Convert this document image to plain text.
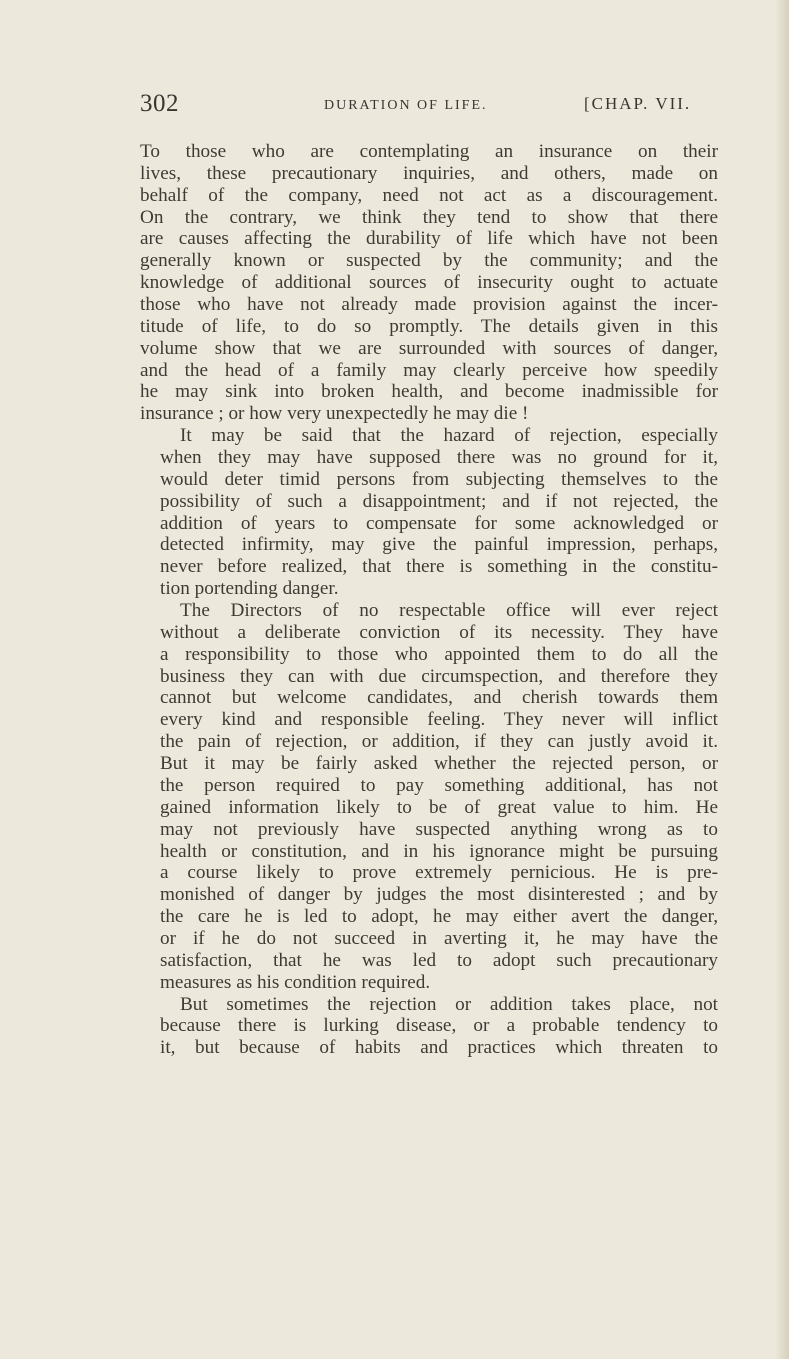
302	DURATION OF LIFE.	[CHAP. VII.

To those who are contemplating an insurance on their
lives, these precautionary inquiries, and others, made on
behalf of the company, need not act as a discouragement.
On the contrary, we think they tend to show that there
are causes affecting the durability of life which have not been
generally known or suspected by the community; and the
knowledge of additional sources of insecurity ought to actuate
those who have not already made provision against the incer-
titude of life, to do so promptly. The details given in this
volume show that we are surrounded with sources of danger,
and the head of a family may clearly perceive how speedily
he may sink into broken health, and become inadmissible for
insurance ; or how very unexpectedly he may die !

It may be said that the hazard of rejection, especially
when they may have supposed there was no ground for it,
would deter timid persons from subjecting themselves to the
possibility of such a disappointment; and if not rejected, the
addition of years to compensate for some acknowledged or
detected infirmity, may give the painful impression, perhaps,
never before realized, that there is something in the constitu-
tion portending danger.

The Directors of no respectable office will ever reject
without a deliberate conviction of its necessity. They have
a responsibility to those who appointed them to do all the
business they can with due circumspection, and therefore they
cannot but welcome candidates, and cherish towards them
every kind and responsible feeling. They never will inflict
the pain of rejection, or addition, if they can justly avoid it.
But it may be fairly asked whether the rejected person, or
the person required to pay something additional, has not
gained information likely to be of great value to him. He
may not previously have suspected anything wrong as to
health or constitution, and in his ignorance might be pursuing
a course likely to prove extremely pernicious. He is pre-
monished of danger by judges the most disinterested ; and by
the care he is led to adopt, he may either avert the danger,
or if he do not succeed in averting it, he may have the
satisfaction, that he was led to adopt such precautionary
measures as his condition required.

But sometimes the rejection or addition takes place, not
because there is lurking disease, or a probable tendency to
it, but because of habits and practices which threaten to
